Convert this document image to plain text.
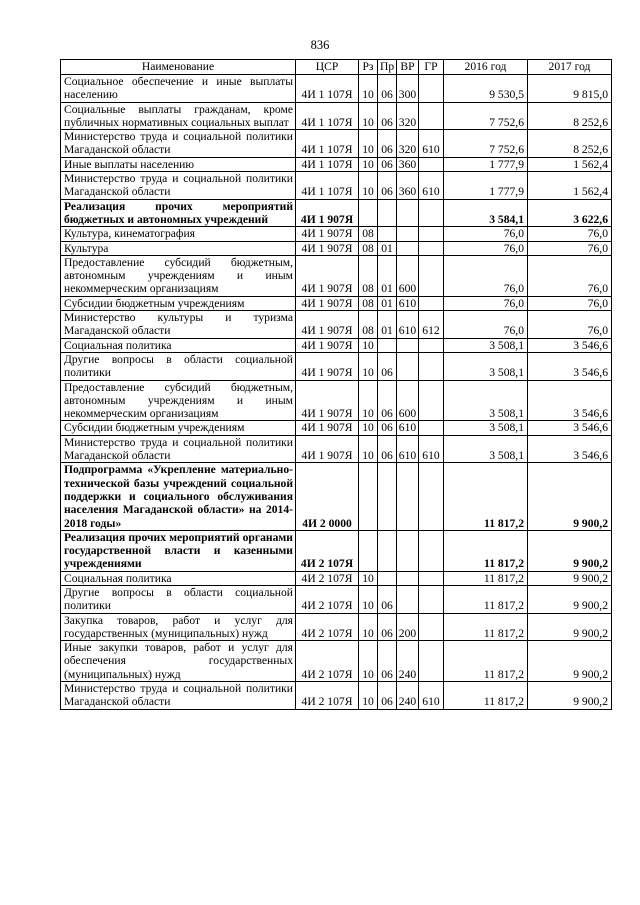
836
Наименование	ЦСР	Рз	Пр	ВР	ГР	2016 год	2017 год
Социальное обеспечение и иные выплаты населению	4И 1 107Я	10	06	300		9 530,5	9 815,0
Социальные выплаты гражданам, кроме публичных нормативных социальных выплат	4И 1 107Я	10	06	320		7 752,6	8 252,6
Министерство труда и социальной политики Магаданской области	4И 1 107Я	10	06	320	610	7 752,6	8 252,6
Иные выплаты населению	4И 1 107Я	10	06	360		1 777,9	1 562,4
Министерство труда и социальной политики Магаданской области	4И 1 107Я	10	06	360	610	1 777,9	1 562,4
Реализация прочих мероприятий бюджетных и автономных учреждений	4И 1 907Я					3 584,1	3 622,6
Культура, кинематография	4И 1 907Я	08				76,0	76,0
Культура	4И 1 907Я	08	01			76,0	76,0
Предоставление субсидий бюджетным, автономным учреждениям и иным некоммерческим организациям	4И 1 907Я	08	01	600		76,0	76,0
Субсидии бюджетным учреждениям	4И 1 907Я	08	01	610		76,0	76,0
Министерство культуры и туризма Магаданской области	4И 1 907Я	08	01	610	612	76,0	76,0
Социальная политика	4И 1 907Я	10				3 508,1	3 546,6
Другие вопросы в области социальной политики	4И 1 907Я	10	06			3 508,1	3 546,6
Предоставление субсидий бюджетным, автономным учреждениям и иным некоммерческим организациям	4И 1 907Я	10	06	600		3 508,1	3 546,6
Субсидии бюджетным учреждениям	4И 1 907Я	10	06	610		3 508,1	3 546,6
Министерство труда и социальной политики Магаданской области	4И 1 907Я	10	06	610	610	3 508,1	3 546,6
Подпрограмма «Укрепление материально-технической базы учреждений социальной поддержки и социального обслуживания населения Магаданской области» на 2014-2018 годы»	4И 2 0000					11 817,2	9 900,2
Реализация прочих мероприятий органами государственной власти и казенными учреждениями	4И 2 107Я					11 817,2	9 900,2
Социальная политика	4И 2 107Я	10				11 817,2	9 900,2
Другие вопросы в области социальной политики	4И 2 107Я	10	06			11 817,2	9 900,2
Закупка товаров, работ и услуг для государственных (муниципальных) нужд	4И 2 107Я	10	06	200		11 817,2	9 900,2
Иные закупки товаров, работ и услуг для обеспечения государственных (муниципальных) нужд	4И 2 107Я	10	06	240		11 817,2	9 900,2
Министерство труда и социальной политики Магаданской области	4И 2 107Я	10	06	240	610	11 817,2	9 900,2
